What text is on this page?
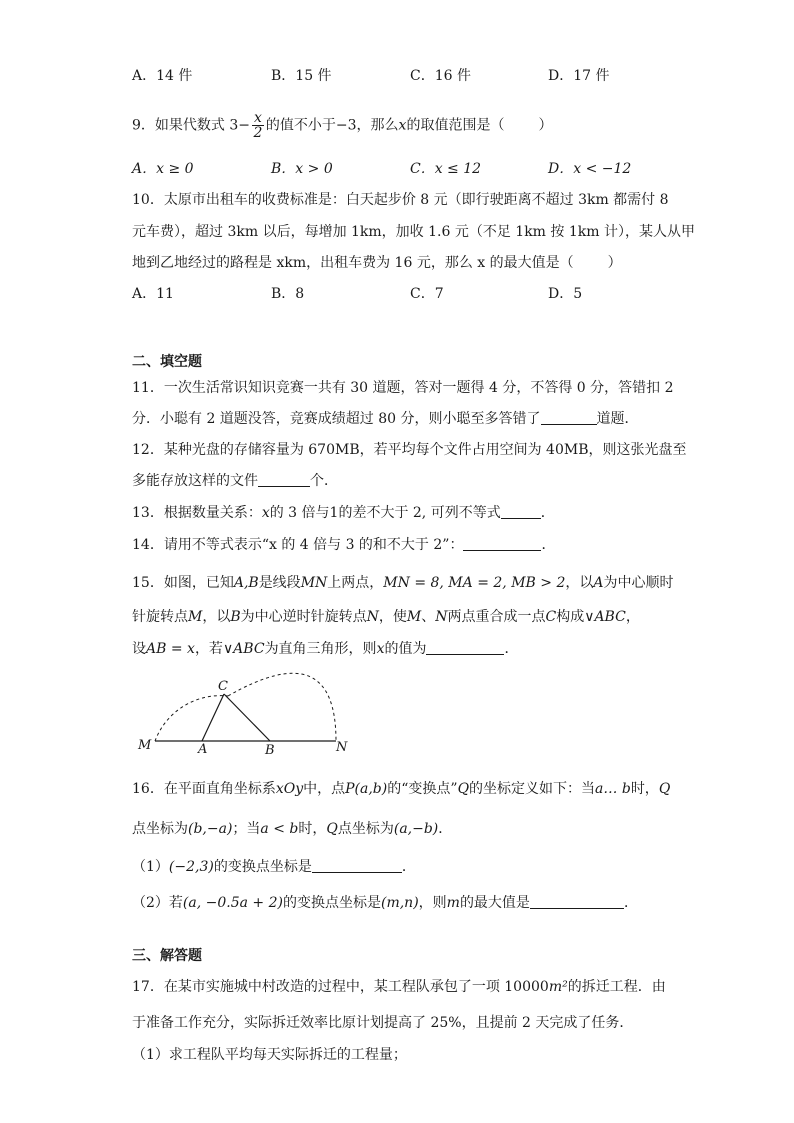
A．14 件	B．15 件	C．16 件	D．17 件
9．如果代数式 $3- \frac{x}{2}$ 的值不小于−3，那么x的取值范围是（ ）
A．x ≥ 0	B．x > 0	C．x ≤ 12	D．x < −12
10．太原市出租车的收费标准是：白天起步价 8 元（即行驶距离不超过 3km 都需付 8
元车费），超过 3km 以后，每增加 1km，加收 1.6 元（不足 1km 按 1km 计），某人从甲
地到乙地经过的路程是 xkm，出租车费为 16 元，那么 x 的最大值是（ ）
A．11	B．8	C．7	D．5
二、填空题
11．一次生活常识知识竞赛一共有 30 道题，答对一题得 4 分，不答得 0 分，答错扣 2
分．小聪有 2 道题没答，竞赛成绩超过 80 分，则小聪至多答错了	道题．
12．某种光盘的存储容量为 670MB，若平均每个文件占用空间为 40MB，则这张光盘至
多能存放这样的文件	个．
13．根据数量关系：x的 3 倍与1的差不大于 2, 可列不等式	．
14．请用不等式表示“x 的 4 倍与 3 的和不大于 2”：	．
15．如图，已知A,B是线段MN上两点，MN = 8, MA = 2, MB > 2，以A为中心顺时
针旋转点M，以B为中心逆时针旋转点N，使M、N两点重合成一点C构成∨ABC，
设AB = x，若∨ABC为直角三角形，则x的值为	．
M	A	B
C
N
16．在平面直角坐标系xOy中，点P(a,b)的“变换点”Q的坐标定义如下：当a… b时，Q
点坐标为(b,−a)；当a < b时，Q点坐标为(a,−b)．
（1）(−2,3)的变换点坐标是	．
（2）若(a, −0.5a + 2)的变换点坐标是(m,n)，则m的最大值是	．
三、解答题
17．在某市实施城中村改造的过程中，某工程队承包了一项 10000m²的拆迁工程．由
于准备工作充分，实际拆迁效率比原计划提高了 25%，且提前 2 天完成了任务．
（1）求工程队平均每天实际拆迁的工程量；
